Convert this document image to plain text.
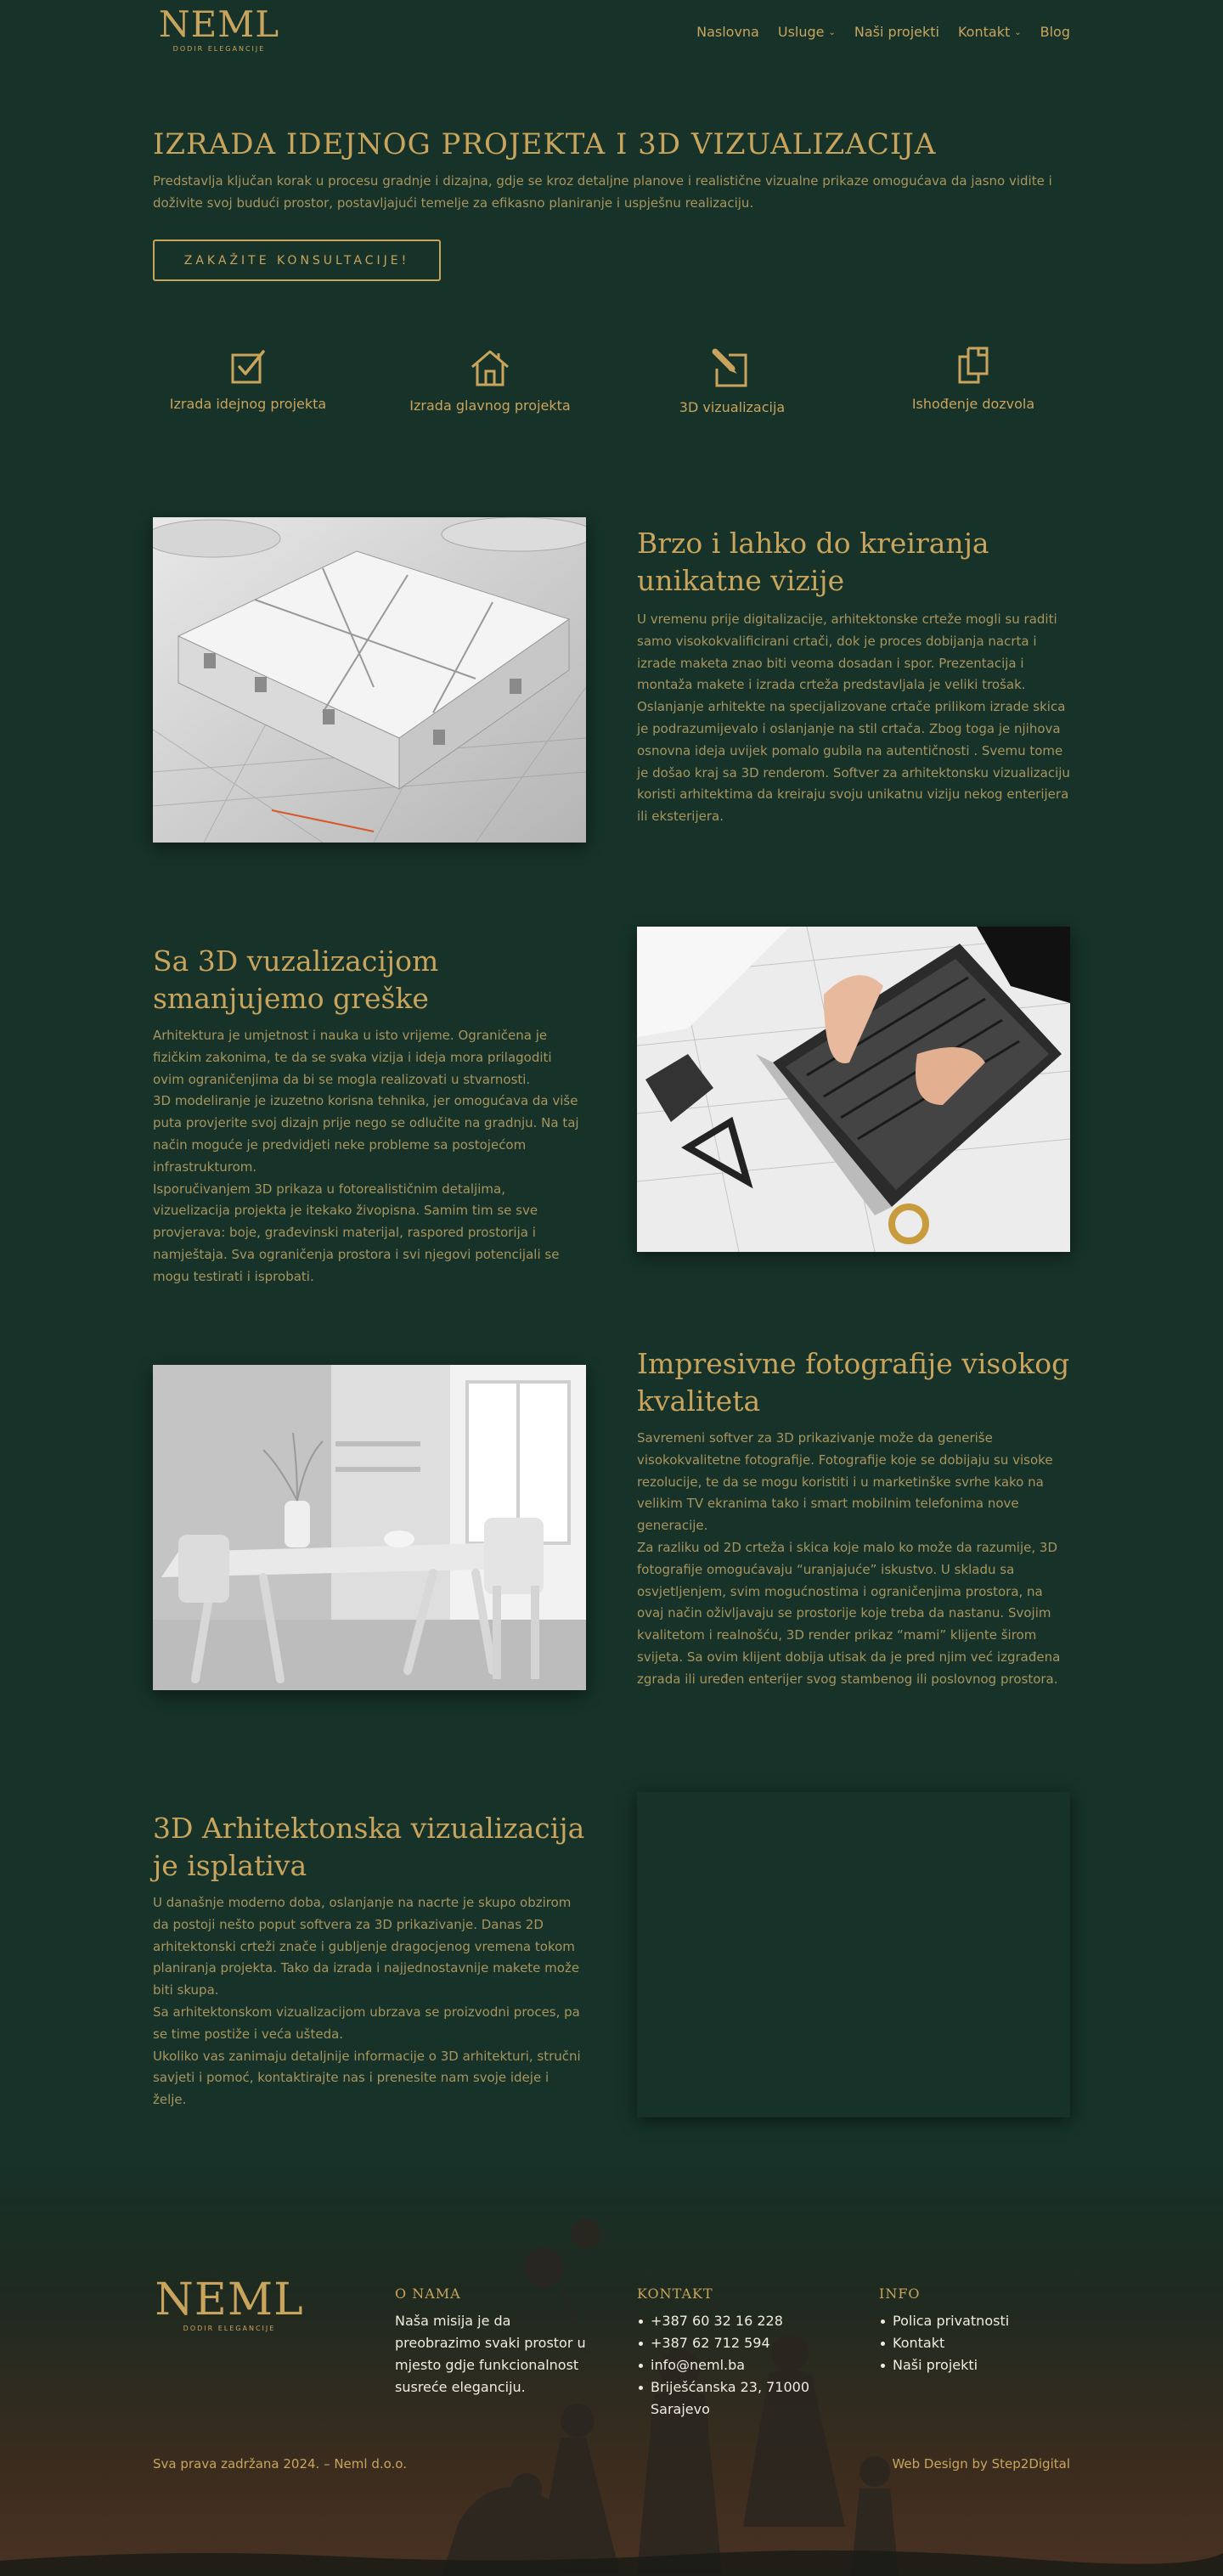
NEML
DODIR ELEGANCIJE
Naslovna Usluge ⌄ Naši projekti Kontakt ⌄ Blog
IZRADA IDEJNOG PROJEKTA I 3D VIZUALIZACIJA

Predstavlja ključan korak u procesu gradnje i dizajna, gdje se kroz detaljne planove i realistične vizualne prikaze omogućava da jasno vidite i doživite svoj budući prostor, postavljajući temelje za efikasno planiranje i uspješnu realizaciju.

ZAKAŽITE KONSULTACIJE!
Izrada idejnog projekta	Izrada glavnog projekta	3D vizualizacija	Ishođenje dozvola
Brzo i lahko do kreiranja unikatne vizije

U vremenu prije digitalizacije, arhitektonske crteže mogli su raditi samo visokokvalificirani crtači, dok je proces dobijanja nacrta i izrade maketa znao biti veoma dosadan i spor. Prezentacija i montaža makete i izrada crteža predstavljala je veliki trošak. Oslanjanje arhitekte na specijalizovane crtače prilikom izrade skica je podrazumijevalo i oslanjanje na stil crtača. Zbog toga je njihova osnovna ideja uvijek pomalo gubila na autentičnosti . Svemu tome je došao kraj sa 3D renderom. Softver za arhitektonsku vizualizaciju koristi arhitektima da kreiraju svoju unikatnu viziju nekog enterijera ili eksterijera.

Sa 3D vuzalizacijom smanjujemo greške

Arhitektura je umjetnost i nauka u isto vrijeme. Ograničena je fizičkim zakonima, te da se svaka vizija i ideja mora prilagoditi ovim ograničenjima da bi se mogla realizovati u stvarnosti.

3D modeliranje je izuzetno korisna tehnika, jer omogućava da više puta provjerite svoj dizajn prije nego se odlučite na gradnju. Na taj način moguće je predvidjeti neke probleme sa postojećom infrastrukturom.

Isporučivanjem 3D prikaza u fotorealističnim detaljima, vizuelizacija projekta je itekako živopisna. Samim tim se sve provjerava: boje, građevinski materijal, raspored prostorija i namještaja. Sva ograničenja prostora i svi njegovi potencijali se mogu testirati i isprobati.

Impresivne fotografije visokog kvaliteta

Savremeni softver za 3D prikazivanje može da generiše visokokvalitetne fotografije. Fotografije koje se dobijaju su visoke rezolucije, te da se mogu koristiti i u marketinške svrhe kako na velikim TV ekranima tako i smart mobilnim telefonima nove generacije.

Za razliku od 2D crteža i skica koje malo ko može da razumije, 3D fotografije omogućavaju “uranjajuće” iskustvo. U skladu sa osvjetljenjem, svim mogućnostima i ograničenjima prostora, na ovaj način oživljavaju se prostorije koje treba da nastanu. Svojim kvalitetom i realnošću, 3D render prikaz “mami” klijente širom svijeta. Sa ovim klijent dobija utisak da je pred njim već izgrađena zgrada ili uređen enterijer svog stambenog ili poslovnog prostora.

3D Arhitektonska vizualizacija je isplativa

U današnje moderno doba, oslanjanje na nacrte je skupo obzirom da postoji nešto poput softvera za 3D prikazivanje. Danas 2D arhitektonski crteži znače i gubljenje dragocjenog vremena tokom planiranja projekta. Tako da izrada i najjednostavnije makete može biti skupa.

Sa arhitektonskom vizualizacijom ubrzava se proizvodni proces, pa se time postiže i veća ušteda.

Ukoliko vas zanimaju detaljnije informacije o 3D arhitekturi, stručni savjeti i pomoć, kontaktirajte nas i prenesite nam svoje ideje i želje.

NEML
DODIR ELEGANCIJE
O NAMA
Naša misija je da preobrazimo svaki prostor u mjesto gdje funkcionalnost susreće eleganciju.
KONTAKT
+387 60 32 16 228
+387 62 712 594
info@neml.ba
Briješćanska 23, 71000 Sarajevo
INFO
Polica privatnosti
Kontakt
Naši projekti
Sva prava zadržana 2024. – Neml d.o.o.	Web Design by Step2Digital
